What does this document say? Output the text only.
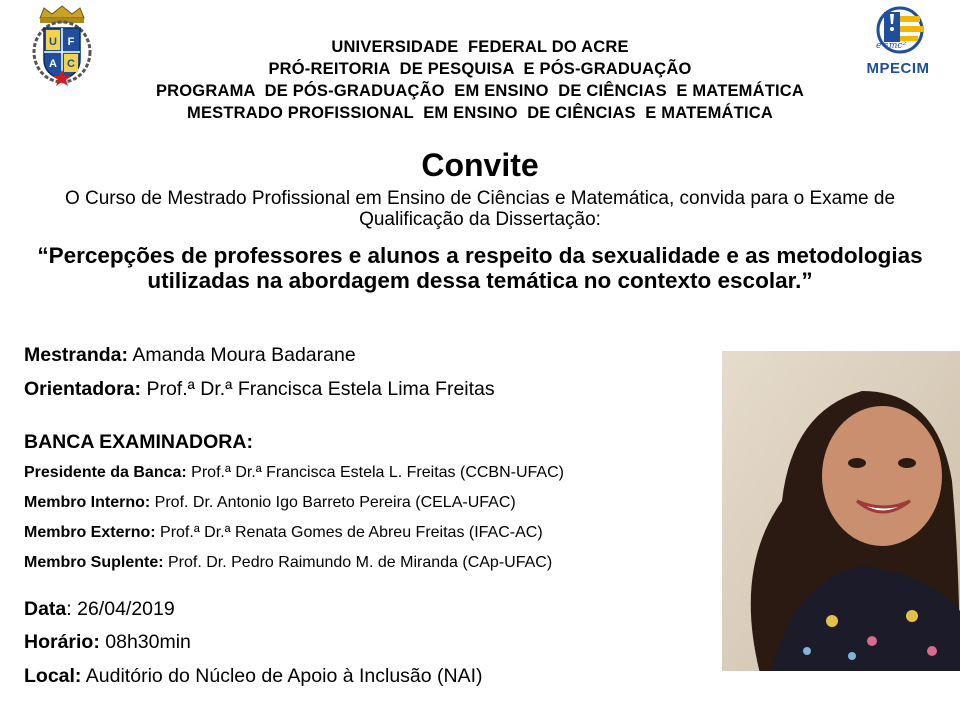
U F
A C
e=mc²
MPECIM
UNIVERSIDADE  FEDERAL DO ACRE
PRÓ-REITORIA  DE PESQUISA  E PÓS-GRADUAÇÃO
PROGRAMA  DE PÓS-GRADUAÇÃO  EM ENSINO  DE CIÊNCIAS  E MATEMÁTICA
MESTRADO PROFISSIONAL  EM ENSINO  DE CIÊNCIAS  E MATEMÁTICA
Convite
O Curso de Mestrado Profissional em Ensino de Ciências e Matemática, convida para o Exame de Qualificação da Dissertação:
“Percepções de professores e alunos a respeito da sexualidade e as metodologias utilizadas na abordagem dessa temática no contexto escolar.”
Mestranda: Amanda Moura Badarane
Orientadora: Prof.ª Dr.ª Francisca Estela Lima Freitas
BANCA EXAMINADORA:
Presidente da Banca: Prof.ª Dr.ª Francisca Estela L. Freitas (CCBN-UFAC)
Membro Interno: Prof. Dr. Antonio Igo Barreto Pereira (CELA-UFAC)
Membro Externo: Prof.ª Dr.ª Renata Gomes de Abreu Freitas (IFAC-AC)
Membro Suplente: Prof. Dr. Pedro Raimundo M. de Miranda (CAp-UFAC)
Data: 26/04/2019
Horário: 08h30min
Local: Auditório do Núcleo de Apoio à Inclusão (NAI)
